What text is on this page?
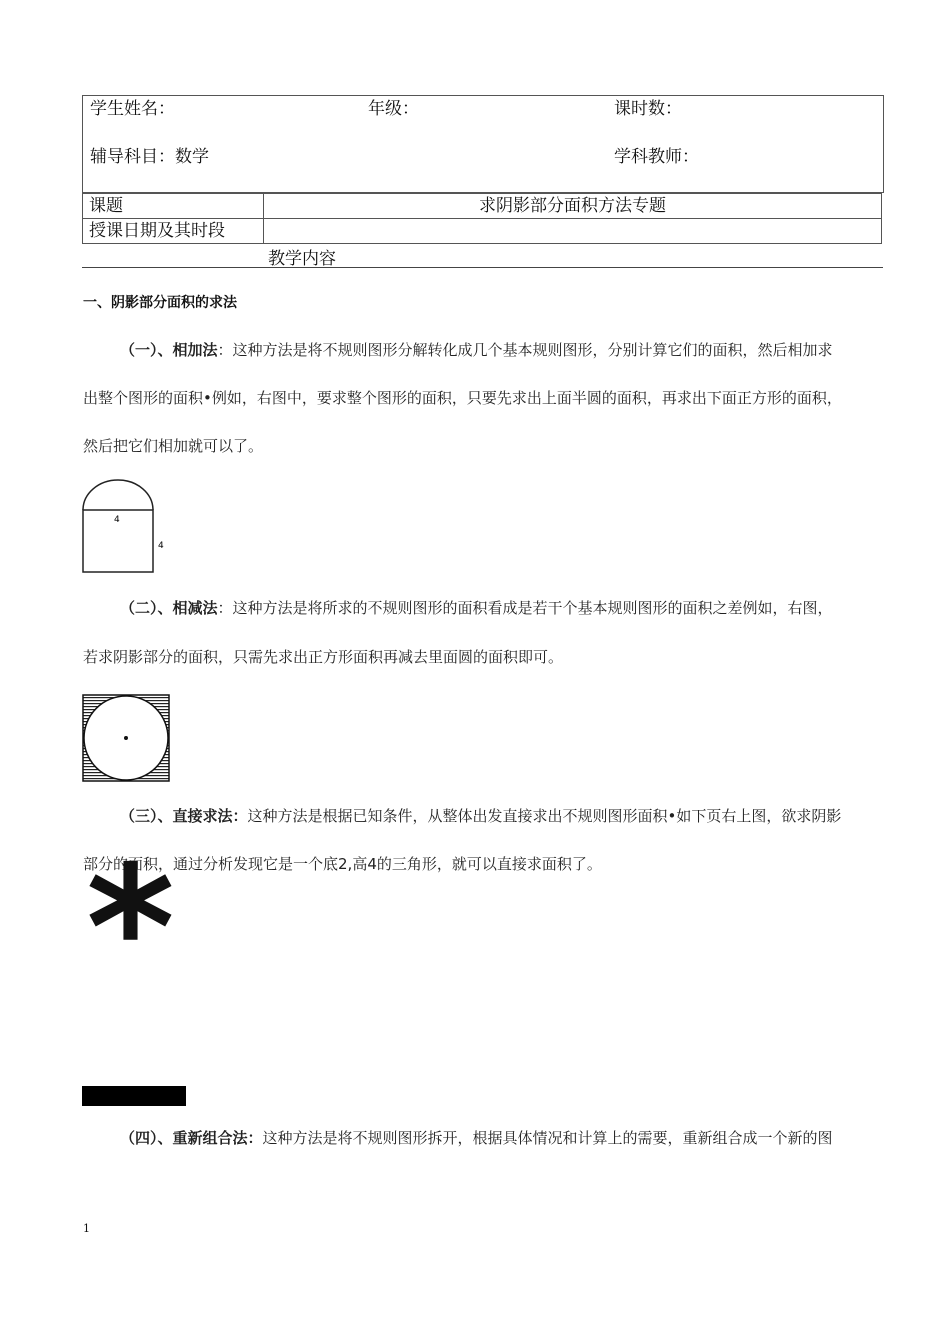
学生姓名：	年级：	课时数：
辅导科目：数学	学科教师：
课题	求阴影部分面积方法专题
授课日期及其时段	
教学内容
一、阴影部分面积的求法
（一）、相加法：这种方法是将不规则图形分解转化成几个基本规则图形，分别计算它们的面积，然后相加求
出整个图形的面积•例如，右图中，要求整个图形的面积，只要先求出上面半圆的面积，再求出下面正方形的面积，
然后把它们相加就可以了。
4
4
（二）、相减法：这种方法是将所求的不规则图形的面积看成是若干个基本规则图形的面积之差例如，右图，
若求阴影部分的面积，只需先求出正方形面积再减去里面圆的面积即可。
（三）、直接求法：这种方法是根据已知条件，从整体出发直接求出不规则图形面积•如下页右上图，欲求阴影
部分的面积，通过分析发现它是一个底2,高4的三角形，就可以直接求面积了。
*
（四）、重新组合法：这种方法是将不规则图形拆开，根据具体情况和计算上的需要，重新组合成一个新的图
1
